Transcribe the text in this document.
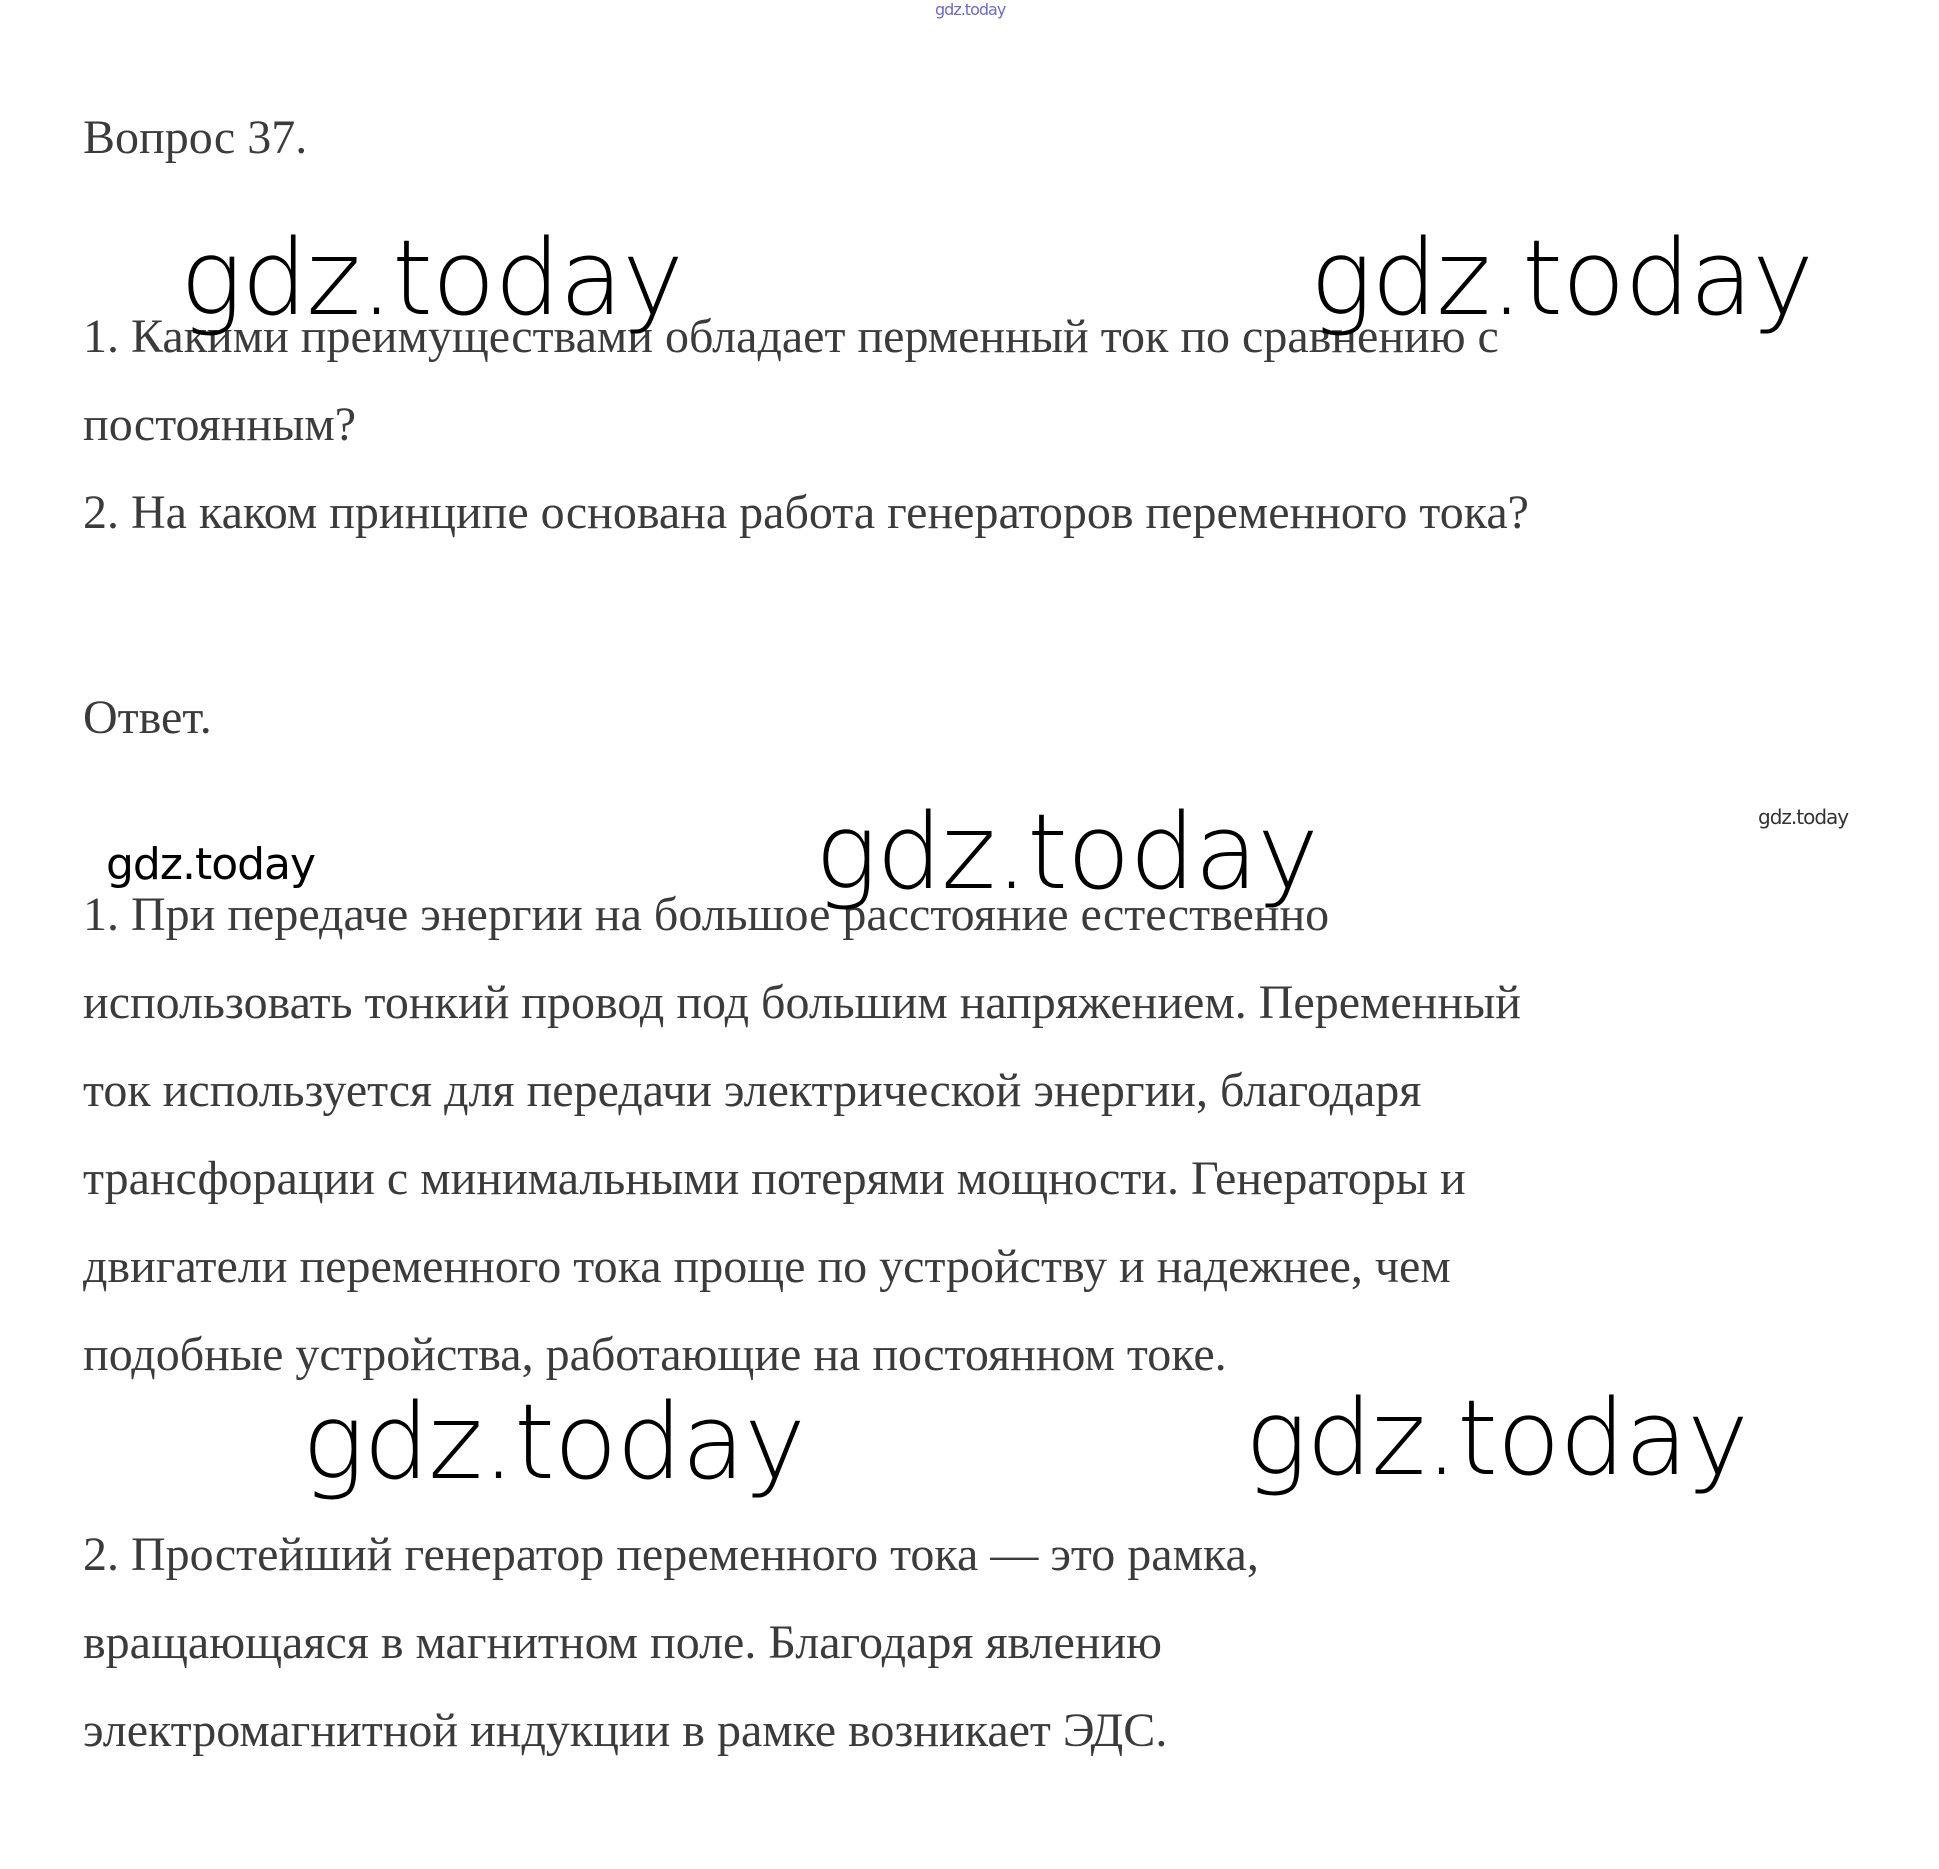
gdz.today
gdz.today	gdz.today
gdz.today
gdz.today
gdz.today
gdz.today	gdz.today
Вопрос 37.
1. Какими преимуществами обладает перменный ток по сравнению с
постоянным?
2. На каком принципе основана работа генераторов переменного тока?
Ответ.
1. При передаче энергии на большое расстояние естественно
использовать тонкий провод под большим напряжением. Переменный
ток используется для передачи электрической энергии, благодаря
трансфорации с минимальными потерями мощности. Генераторы и
двигатели переменного тока проще по устройству и надежнее, чем
подобные устройства, работающие на постоянном токе.
2. Простейший генератор переменного тока — это рамка,
вращающаяся в магнитном поле. Благодаря явлению
электромагнитной индукции в рамке возникает ЭДС.
